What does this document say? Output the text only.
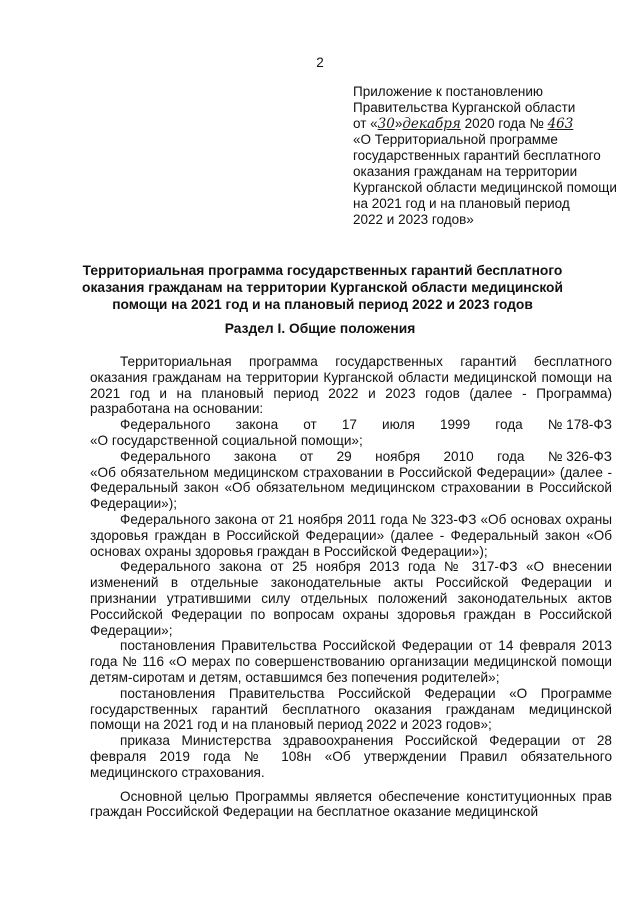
2
Приложение к постановлению
Правительства Курганской области
от «30»декабря 2020 года № 463
«О Территориальной программе
государственных гарантий бесплатного
оказания гражданам на территории
Курганской области медицинской помощи
на 2021 год и на плановый период
2022 и 2023 годов»
Территориальная программа государственных гарантий бесплатного оказания гражданам на территории Курганской области медицинской помощи на 2021 год и на плановый период 2022 и 2023 годов
Раздел I. Общие положения

Территориальная программа государственных гарантий бесплатного оказания гражданам на территории Курганской области медицинской помощи на 2021 год и на плановый период 2022 и 2023 годов (далее - Программа) разработана на основании:

Федерального закона от 17 июля 1999 года № 178-ФЗ

«О государственной социальной помощи»;

Федерального закона от 29 ноября 2010 года № 326-ФЗ

«Об обязательном медицинском страховании в Российской Федерации» (далее - Федеральный закон «Об обязательном медицинском страховании в Российской Федерации»);

Федерального закона от 21 ноября 2011 года № 323-ФЗ «Об основах охраны здоровья граждан в Российской Федерации» (далее - Федеральный закон «Об основах охраны здоровья граждан в Российской Федерации»);

Федерального закона от 25 ноября 2013 года № 317-ФЗ «О внесении изменений в отдельные законодательные акты Российской Федерации и признании утратившими силу отдельных положений законодательных актов Российской Федерации по вопросам охраны здоровья граждан в Российской Федерации»;

постановления Правительства Российской Федерации от 14 февраля 2013 года № 116 «О мерах по совершенствованию организации медицинской помощи детям-сиротам и детям, оставшимся без попечения родителей»;

постановления Правительства Российской Федерации «О Программе государственных гарантий бесплатного оказания гражданам медицинской помощи на 2021 год и на плановый период 2022 и 2023 годов»;

приказа Министерства здравоохранения Российской Федерации от 28 февраля 2019 года № 108н «Об утверждении Правил обязательного медицинского страхования.

Основной целью Программы является обеспечение конституционных прав граждан Российской Федерации на бесплатное оказание медицинской
